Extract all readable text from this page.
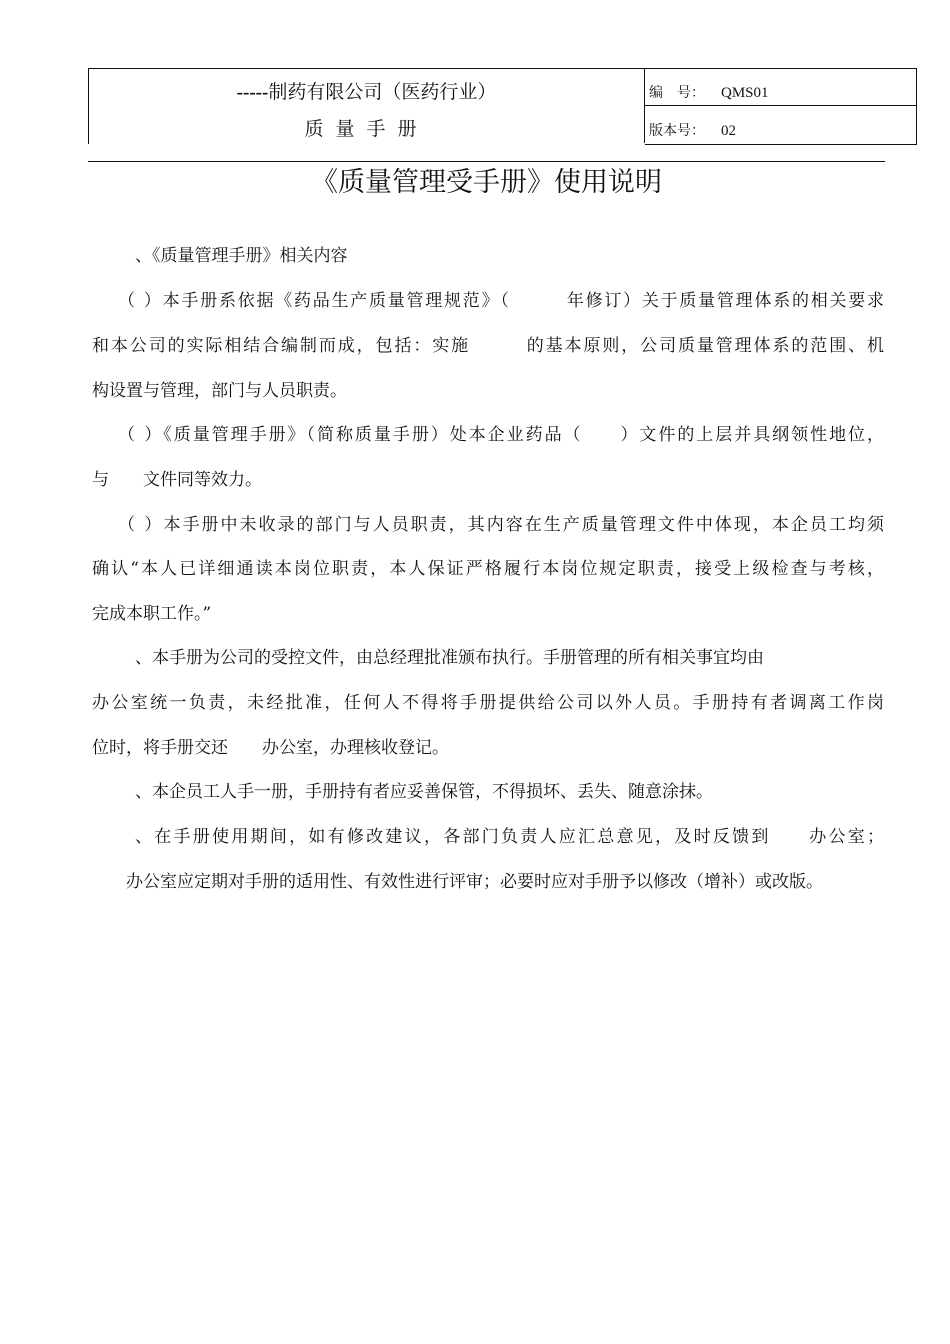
-----制药有限公司（医药行业）
质量手册
编　号： QMS01
版本号： 02
《质量管理受手册》使用说明
、《质量管理手册》相关内容
（ ）本手册系依据《药品生产质量管理规范》（　　　年修订）关于质量管理体系的相关要求
和本公司的实际相结合编制而成，包括：实施　　　的基本原则，公司质量管理体系的范围、机
构设置与管理，部门与人员职责。
（ ）《质量管理手册》（简称质量手册）处本企业药品（　　）文件的上层并具纲领性地位，
与　　文件同等效力。
（ ）本手册中未收录的部门与人员职责，其内容在生产质量管理文件中体现，本企员工均须
确认“本人已详细通读本岗位职责，本人保证严格履行本岗位规定职责，接受上级检查与考核，
完成本职工作。”
、本手册为公司的受控文件，由总经理批准颁布执行。手册管理的所有相关事宜均由
办公室统一负责，未经批准，任何人不得将手册提供给公司以外人员。手册持有者调离工作岗
位时，将手册交还　　办公室，办理核收登记。
、本企员工人手一册，手册持有者应妥善保管，不得损坏、丢失、随意涂抹。
、在手册使用期间，如有修改建议，各部门负责人应汇总意见，及时反馈到　　办公室；
办公室应定期对手册的适用性、有效性进行评审；必要时应对手册予以修改（增补）或改版。
